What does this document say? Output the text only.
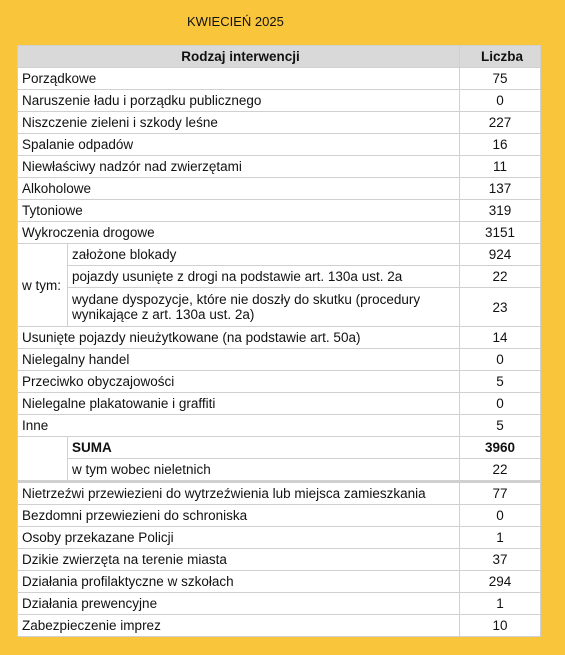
KWIECIEŃ 2025
Rodzaj interwencji		Liczba
Porządkowe		75
Naruszenie ładu i porządku publicznego		0
Niszczenie zieleni i szkody leśne		227
Spalanie odpadów		16
Niewłaściwy nadzór nad zwierzętami		11
Alkoholowe		137
Tytoniowe		319
Wykroczenia drogowe		3151
w tym:	założone blokady	924
	pojazdy usunięte z drogi na podstawie art. 130a ust. 2a	22
	wydane dyspozycje, które nie doszły do skutku (procedury wynikające z art. 130a ust. 2a)	23
Usunięte pojazdy nieużytkowane (na podstawie art. 50a)		14
Nielegalny handel		0
Przeciwko obyczajowości		5
Nielegalne plakatowanie i graffiti		0
Inne		5
	SUMA	3960
	w tym wobec nieletnich	22
Nietrzeźwi przewiezieni do wytrzeźwienia lub miejsca zamieszkania		77
Bezdomni przewiezieni do schroniska		0
Osoby przekazane Policji		1
Dzikie zwierzęta na terenie miasta		37
Działania profilaktyczne w szkołach		294
Działania prewencyjne		1
Zabezpieczenie imprez		10
